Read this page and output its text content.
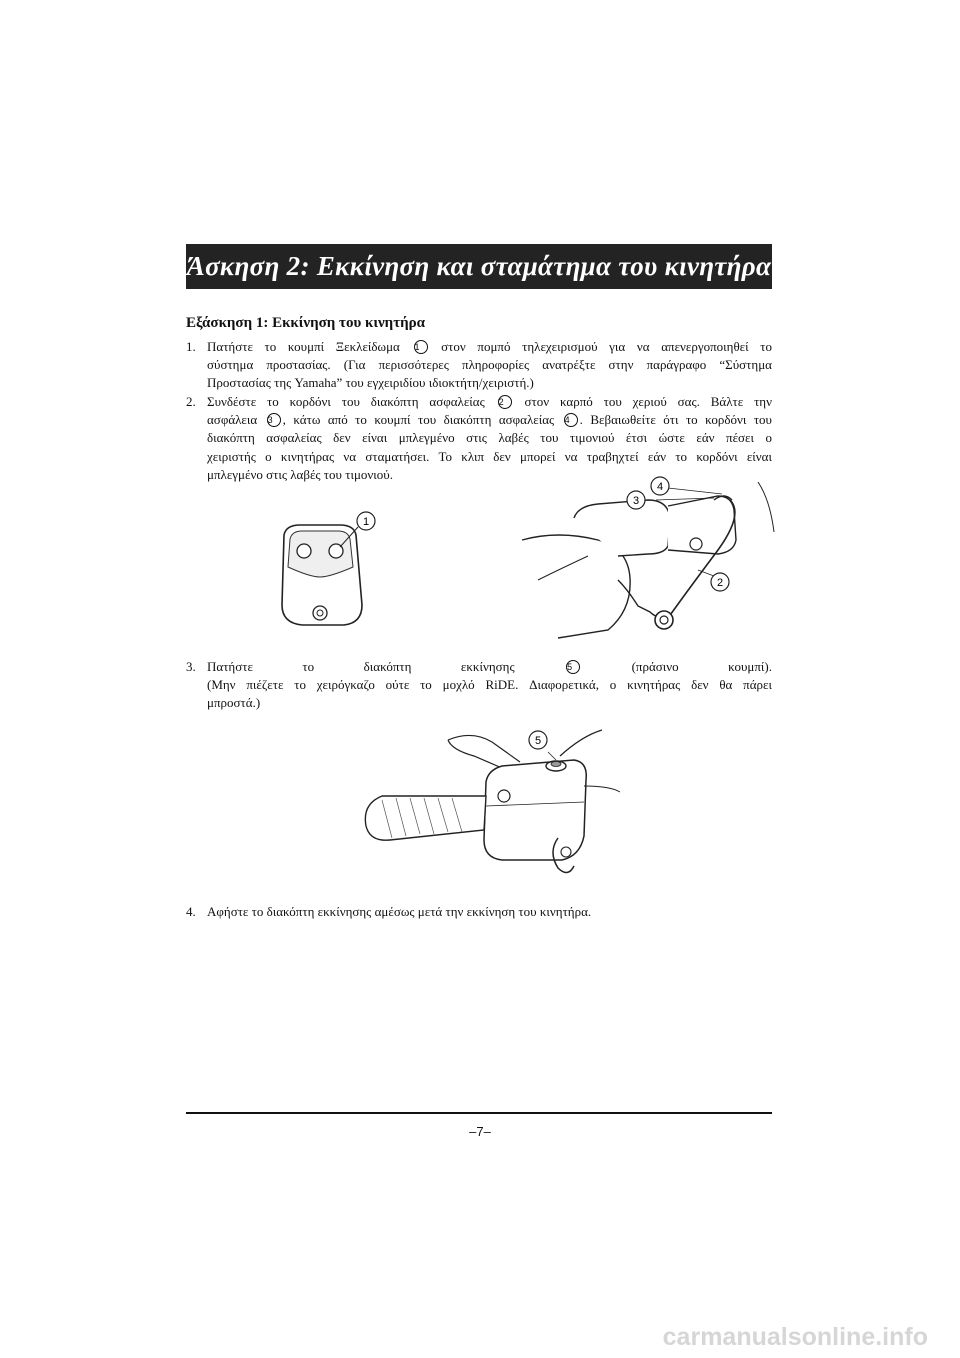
Άσκηση 2: Εκκίνηση και σταμάτημα του κινητήρα
Εξάσκηση 1: Εκκίνηση του κινητήρα
1. Πατήστε το κουμπί Ξεκλείδωμα 1 στον πομπό τηλεχειρισμού για να απενεργοποιηθεί το
σύστημα προστασίας. (Για περισσότερες πληροφορίες ανατρέξτε στην παράγραφο “Σύστημα
Προστασίας της Yamaha” του εγχειριδίου ιδιοκτήτη/χειριστή.)
2. Συνδέστε το κορδόνι του διακόπτη ασφαλείας 2 στον καρπό του χεριού σας. Βάλτε την
ασφάλεια 3 , κάτω από το κουμπί του διακόπτη ασφαλείας 4 . Βεβαιωθείτε ότι το κορδόνι του
διακόπτη ασφαλείας δεν είναι μπλεγμένο στις λαβές του τιμονιού έτσι ώστε εάν πέσει ο
χειριστής ο κινητήρας να σταματήσει. Το κλιπ δεν μπορεί να τραβηχτεί εάν το κορδόνι είναι
μπλεγμένο στις λαβές του τιμονιού.
1
3
4
2
3. Πατήστε το διακόπτη εκκίνησης 5 (πράσινο κουμπί).
(Μην πιέζετε το χειρόγκαζο ούτε το μοχλό RiDE. Διαφορετικά, ο κινητήρας δεν θα πάρει
μπροστά.)
5
4. Αφήστε το διακόπτη εκκίνησης αμέσως μετά την εκκίνηση του κινητήρα.
–7–
carmanualsonline.info
